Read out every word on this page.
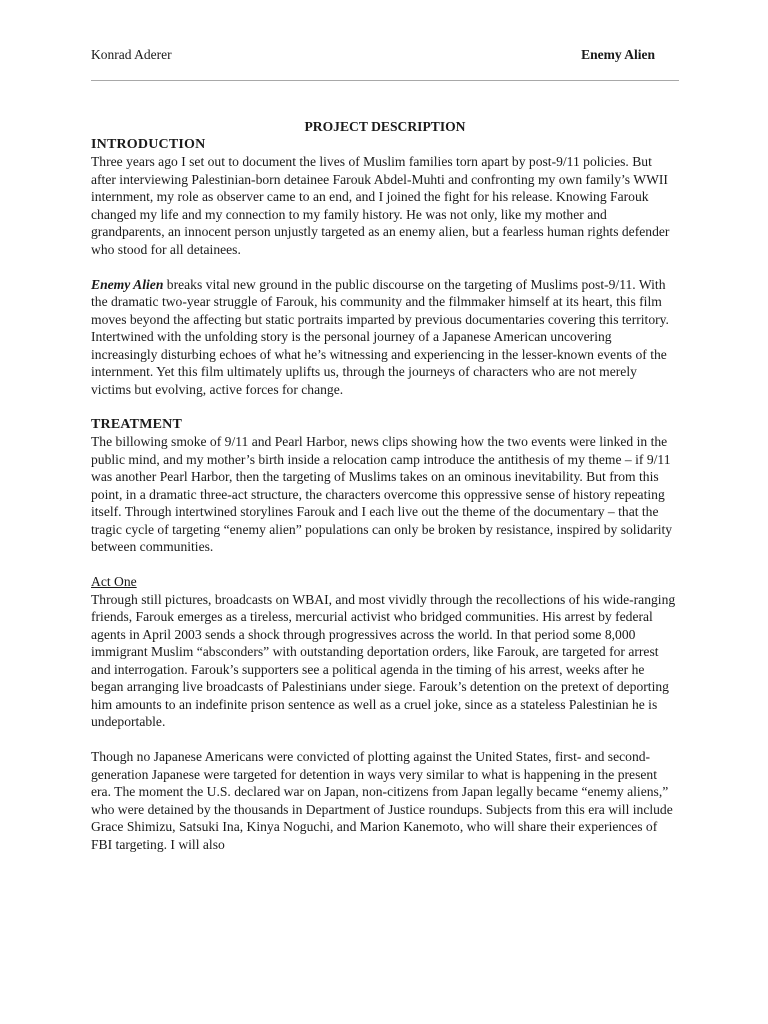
Konrad Aderer	Enemy Alien

PROJECT DESCRIPTION

INTRODUCTION

Three years ago I set out to document the lives of Muslim families torn apart by post-9/11 policies. But after interviewing Palestinian-born detainee Farouk Abdel-Muhti and confronting my own family’s WWII internment, my role as observer came to an end, and I joined the fight for his release. Knowing Farouk changed my life and my connection to my family history. He was not only, like my mother and grandparents, an innocent person unjustly targeted as an enemy alien, but a fearless human rights defender who stood for all detainees.

Enemy Alien breaks vital new ground in the public discourse on the targeting of Muslims post-9/11. With the dramatic two-year struggle of Farouk, his community and the filmmaker himself at its heart, this film moves beyond the affecting but static portraits imparted by previous documentaries covering this territory. Intertwined with the unfolding story is the personal journey of a Japanese American uncovering increasingly disturbing echoes of what he’s witnessing and experiencing in the lesser-known events of the internment. Yet this film ultimately uplifts us, through the journeys of characters who are not merely victims but evolving, active forces for change.

TREATMENT

The billowing smoke of 9/11 and Pearl Harbor, news clips showing how the two events were linked in the public mind, and my mother’s birth inside a relocation camp introduce the antithesis of my theme – if 9/11 was another Pearl Harbor, then the targeting of Muslims takes on an ominous inevitability. But from this point, in a dramatic three-act structure, the characters overcome this oppressive sense of history repeating itself. Through intertwined storylines Farouk and I each live out the theme of the documentary – that the tragic cycle of targeting “enemy alien” populations can only be broken by resistance, inspired by solidarity between communities.

Act One

Through still pictures, broadcasts on WBAI, and most vividly through the recollections of his wide-ranging friends, Farouk emerges as a tireless, mercurial activist who bridged communities. His arrest by federal agents in April 2003 sends a shock through progressives across the world. In that period some 8,000 immigrant Muslim “absconders” with outstanding deportation orders, like Farouk, are targeted for arrest and interrogation. Farouk’s supporters see a political agenda in the timing of his arrest, weeks after he began arranging live broadcasts of Palestinians under siege. Farouk’s detention on the pretext of deporting him amounts to an indefinite prison sentence as well as a cruel joke, since as a stateless Palestinian he is undeportable.

Though no Japanese Americans were convicted of plotting against the United States, first- and second-generation Japanese were targeted for detention in ways very similar to what is happening in the present era. The moment the U.S. declared war on Japan, non-citizens from Japan legally became “enemy aliens,” who were detained by the thousands in Department of Justice roundups. Subjects from this era will include Grace Shimizu, Satsuki Ina, Kinya Noguchi, and Marion Kanemoto, who will share their experiences of FBI targeting. I will also
